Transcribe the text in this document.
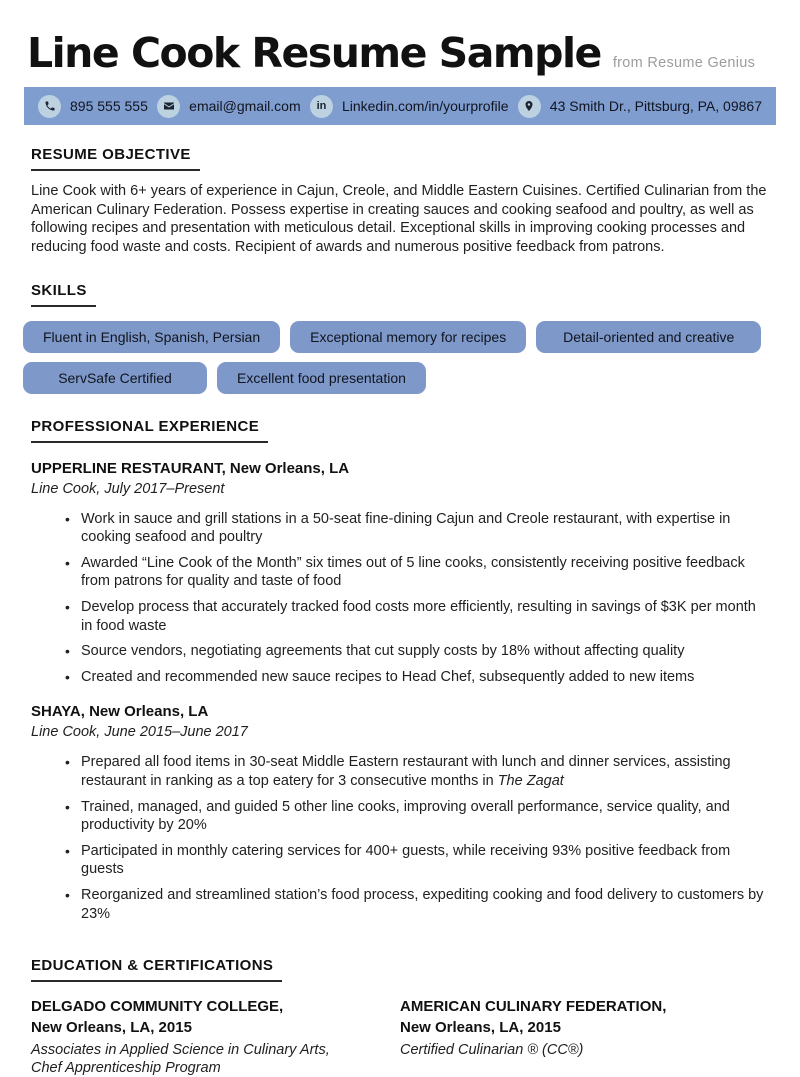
Line Cook Resume Sample from Resume Genius
895 555 555	email@gmail.com in Linkedin.com/in/yourprofile	43 Smith Dr., Pittsburg, PA, 09867
RESUME OBJECTIVE

Line Cook with 6+ years of experience in Cajun, Creole, and Middle Eastern Cuisines. Certified Culinarian from the American Culinary Federation. Possess expertise in creating sauces and cooking seafood and poultry, as well as following recipes and presentation with meticulous detail. Exceptional skills in improving cooking processes and reducing food waste and costs. Recipient of awards and numerous positive feedback from patrons.

SKILLS
Fluent in English, Spanish, Persian	Exceptional memory for recipes	Detail-oriented and creative
ServSafe Certified	Excellent food presentation
PROFESSIONAL EXPERIENCE
UPPERLINE RESTAURANT, New Orleans, LA
Line Cook, July 2017–Present
• Work in sauce and grill stations in a 50-seat fine-dining Cajun and Creole restaurant, with expertise in cooking seafood and poultry
• Awarded “Line Cook of the Month” six times out of 5 line cooks, consistently receiving positive feedback from patrons for quality and taste of food
• Develop process that accurately tracked food costs more efficiently, resulting in savings of $3K per month in food waste
• Source vendors, negotiating agreements that cut supply costs by 18% without affecting quality
• Created and recommended new sauce recipes to Head Chef, subsequently added to new items
SHAYA, New Orleans, LA
Line Cook, June 2015–June 2017
• Prepared all food items in 30-seat Middle Eastern restaurant with lunch and dinner services, assisting restaurant in ranking as a top eatery for 3 consecutive months in The Zagat
• Trained, managed, and guided 5 other line cooks, improving overall performance, service quality, and productivity by 20%
• Participated in monthly catering services for 400+ guests, while receiving 93% positive feedback from guests
• Reorganized and streamlined station’s food process, expediting cooking and food delivery to customers by 23%
EDUCATION & CERTIFICATIONS
DELGADO COMMUNITY COLLEGE,
New Orleans, LA, 2015
Associates in Applied Science in Culinary Arts,
Chef Apprenticeship Program
AMERICAN CULINARY FEDERATION,
New Orleans, LA, 2015
Certified Culinarian ® (CC®)
